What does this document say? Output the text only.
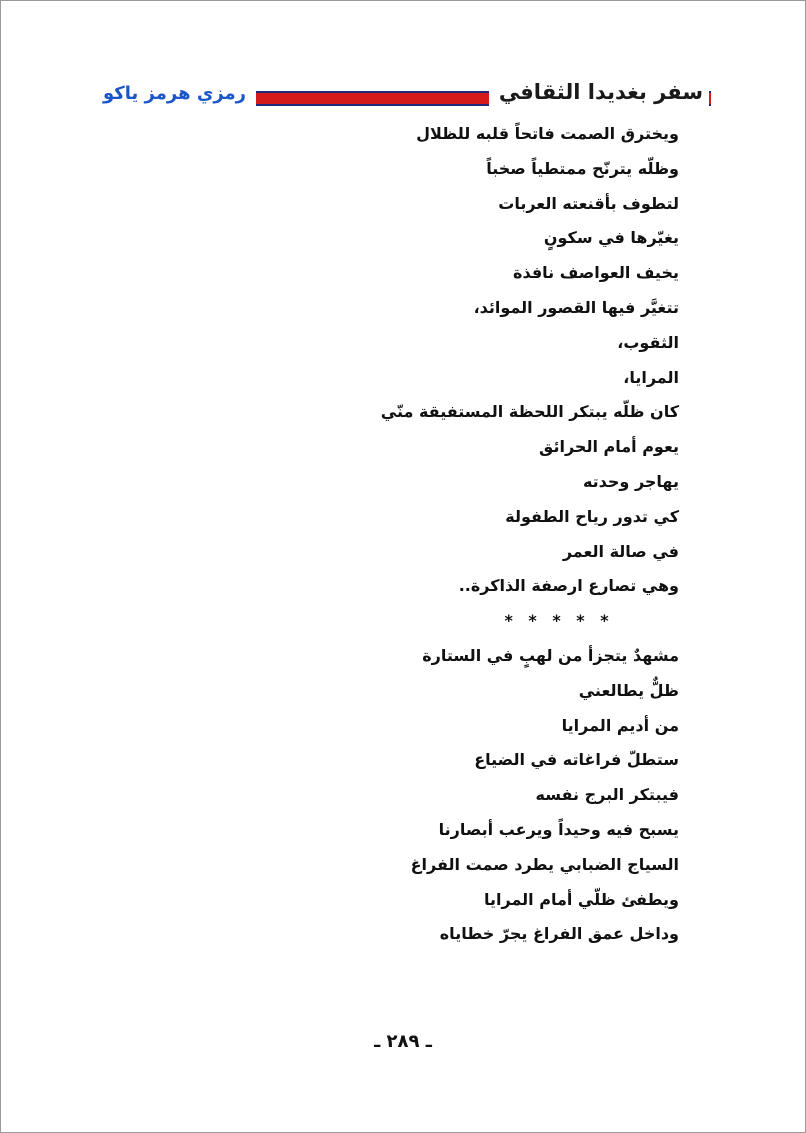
سفر بغديدا الثقافي
رمزي هرمز ياكو
ويخترق الصمت فاتحاً قلبه للظلال
وظلّه يترنّح ممتطياً صخباً
لتطوف بأقنعته العربات
يغيّرها في سكونٍ
يخيف العواصف نافذة
تتغيَّر فيها القصور الموائد،
الثقوب،
المرايا،
كان ظلّه يبتكر اللحظة المستفيقة منّي
يعوم أمام الحرائق
يهاجر وحدته
كي تدور رياح الطفولة
في صالة العمر
وهي تصارع ارصفة الذاكرة..
* * * * *
مشهدٌ يتجزأ من لهبٍ في الستارة
ظلٌّ يطالعني
من أديم المرايا
ستطلّ فراغاته في الضياع
فيبتكر البرج نفسه
يسبح فيه وحيداً ويرعب أبصارنا
السياج الضبابي يطرد صمت الفراغ
ويطفئ ظلّي أمام المرايا
وداخل عمق الفراغ يجرّ خطاياه
ـ ٢٨٩ ـ
